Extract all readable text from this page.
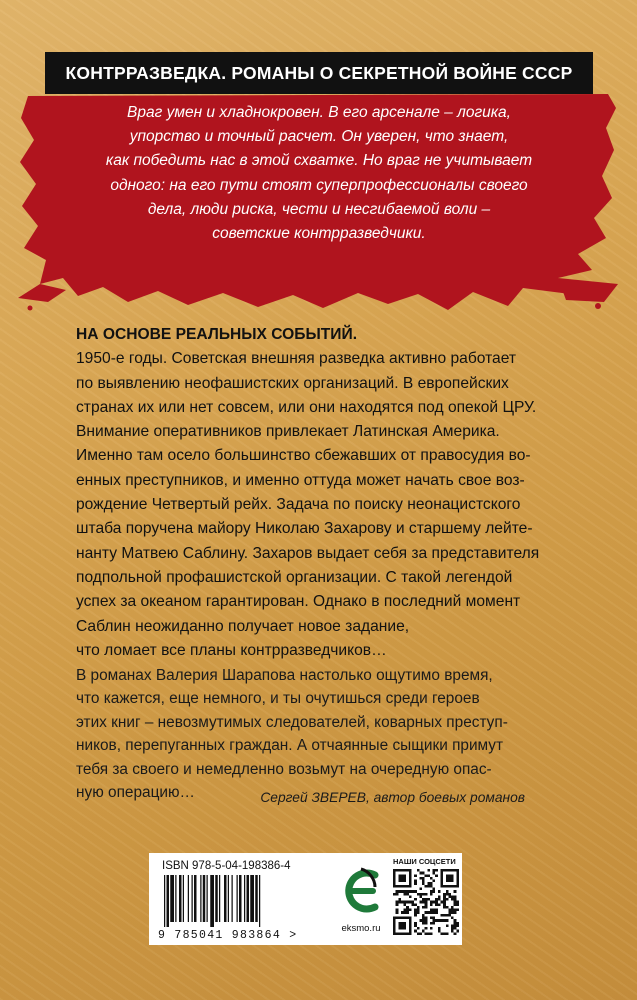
КОНТРРАЗВЕДКА. РОМАНЫ О СЕКРЕТНОЙ ВОЙНЕ СССР
Враг умен и хладнокровен. В его арсенале – логика,
упорство и точный расчет. Он уверен, что знает,
как победить нас в этой схватке. Но враг не учитывает
одного: на его пути стоят суперпрофессионалы своего
дела, люди риска, чести и несгибаемой воли –
советские контрразведчики.
НА ОСНОВЕ РЕАЛЬНЫХ СОБЫТИЙ.
1950-е годы. Советская внешняя разведка активно работает
по выявлению неофашистских организаций. В европейских
странах их или нет совсем, или они находятся под опекой ЦРУ.
Внимание оперативников привлекает Латинская Америка.
Именно там осело большинство сбежавших от правосудия во-
енных преступников, и именно оттуда может начать свое воз-
рождение Четвертый рейх. Задача по поиску неонацистского
штаба поручена майору Николаю Захарову и старшему лейте-
нанту Матвею Саблину. Захаров выдает себя за представителя
подпольной профашистской организации. С такой легендой
успех за океаном гарантирован. Однако в последний момент
Саблин неожиданно получает новое задание,
что ломает все планы контрразведчиков…
В романах Валерия Шарапова настолько ощутимо время,
что кажется, еще немного, и ты очутишься среди героев
этих книг – невозмутимых следователей, коварных преступ-
ников, перепуганных граждан. А отчаянные сыщики примут
тебя за своего и немедленно возьмут на очередную опас-
ную операцию…	Сергей ЗВЕРЕВ, автор боевых романов
ISBN 978-5-04-198386-4
9 785041 983864 >
eksmo.ru
НАШИ СОЦСЕТИ
